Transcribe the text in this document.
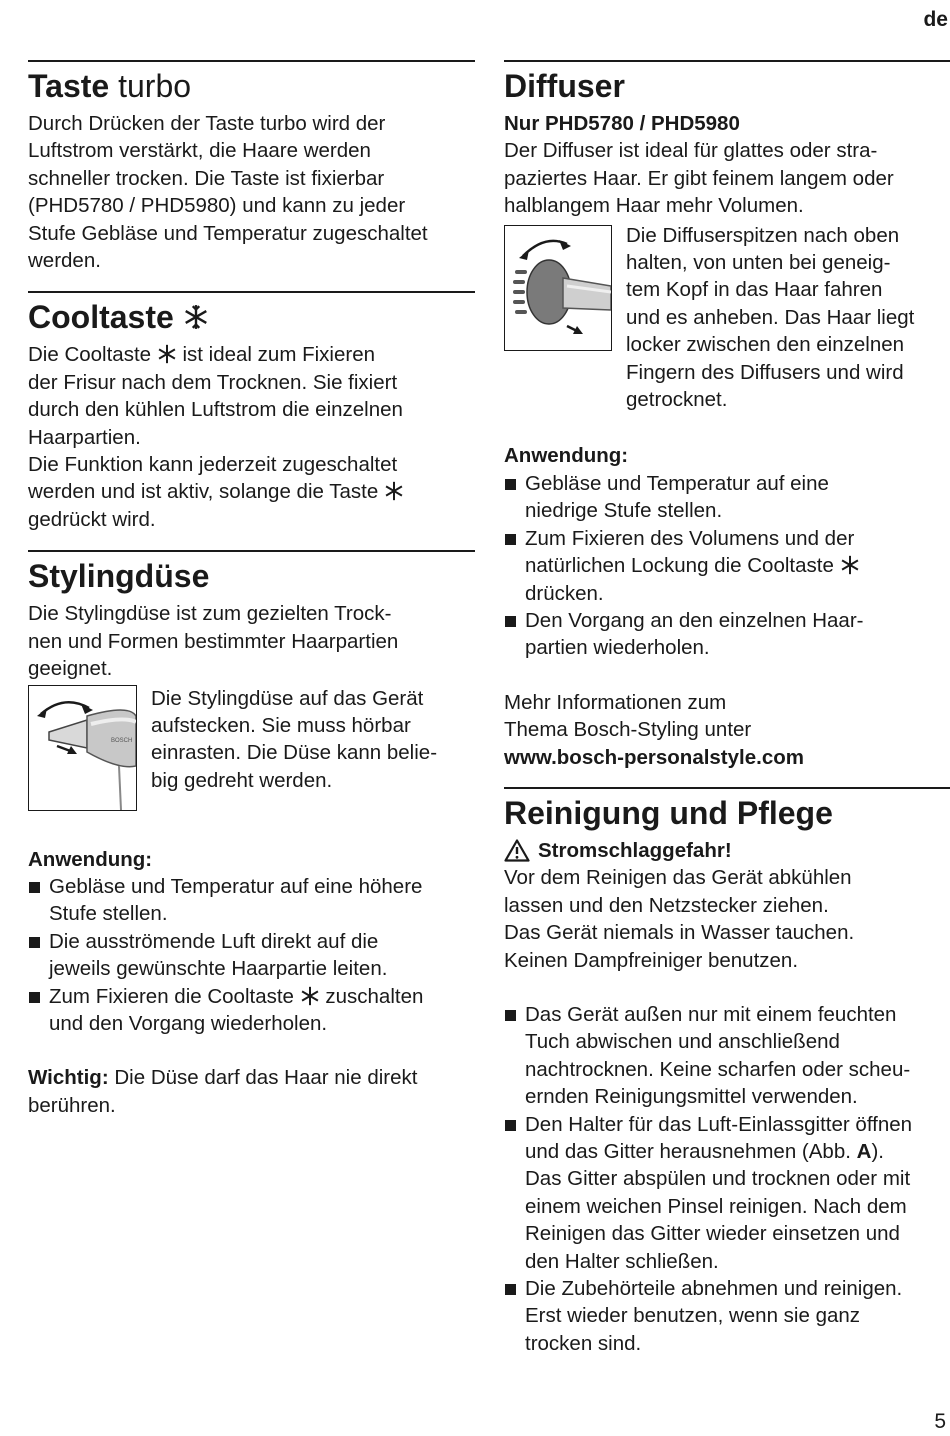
de
Taste turbo

Durch Drücken der Taste turbo wird der
Luftstrom verstärkt, die Haare werden
schneller trocken. Die Taste ist fixierbar
(PHD5780 / PHD5980) und kann zu jeder
Stufe Gebläse und Temperatur zugeschaltet
werden.

Cooltaste

Die Cooltaste ist ideal zum Fixieren
der Frisur nach dem Trocknen. Sie fixiert
durch den kühlen Luftstrom die einzelnen
Haarpartien.
Die Funktion kann jederzeit zugeschaltet
werden und ist aktiv, solange die Taste
gedrückt wird.

Stylingdüse

Die Stylingdüse ist zum gezielten Trock-
nen und Formen bestimmter Haarpartien
geeignet.

BOSCH

Die Stylingdüse auf das Gerät
aufstecken. Sie muss hörbar
einrasten. Die Düse kann belie-
big gedreht werden.

Anwendung:
Gebläse und Temperatur auf eine höhere
Stufe stellen.
Die ausströmende Luft direkt auf die
jeweils gewünschte Haarpartie leiten.
Zum Fixieren die Cooltaste zuschalten
und den Vorgang wiederholen.

Wichtig: Die Düse darf das Haar nie direkt
berühren.

Diffuser
Nur PHD5780 / PHD5980

Der Diffuser ist ideal für glattes oder stra-
paziertes Haar. Er gibt feinem langem oder
halblangem Haar mehr Volumen.

Die Diffuserspitzen nach oben
halten, von unten bei geneig-
tem Kopf in das Haar fahren
und es anheben. Das Haar liegt
locker zwischen den einzelnen
Fingern des Diffusers und wird
getrocknet.

Anwendung:
Gebläse und Temperatur auf eine
niedrige Stufe stellen.
Zum Fixieren des Volumens und der
natürlichen Lockung die Cooltaste
drücken.
Den Vorgang an den einzelnen Haar-
partien wiederholen.

Mehr Informationen zum
Thema Bosch-Styling unter
www.bosch-personalstyle.com

Reinigung und Pflege
Stromschlaggefahr!

Vor dem Reinigen das Gerät abkühlen
lassen und den Netzstecker ziehen.
Das Gerät niemals in Wasser tauchen.
Keinen Dampfreiniger benutzen.

Das Gerät außen nur mit einem feuchten
Tuch abwischen und anschließend
nachtrocknen. Keine scharfen oder scheu-
ernden Reinigungsmittel verwenden.
Den Halter für das Luft-Einlassgitter öffnen
und das Gitter herausnehmen (Abb. A).
Das Gitter abspülen und trocknen oder mit
einem weichen Pinsel reinigen. Nach dem
Reinigen das Gitter wieder einsetzen und
den Halter schließen.
Die Zubehörteile abnehmen und reinigen.
Erst wieder benutzen, wenn sie ganz
trocken sind.
5
